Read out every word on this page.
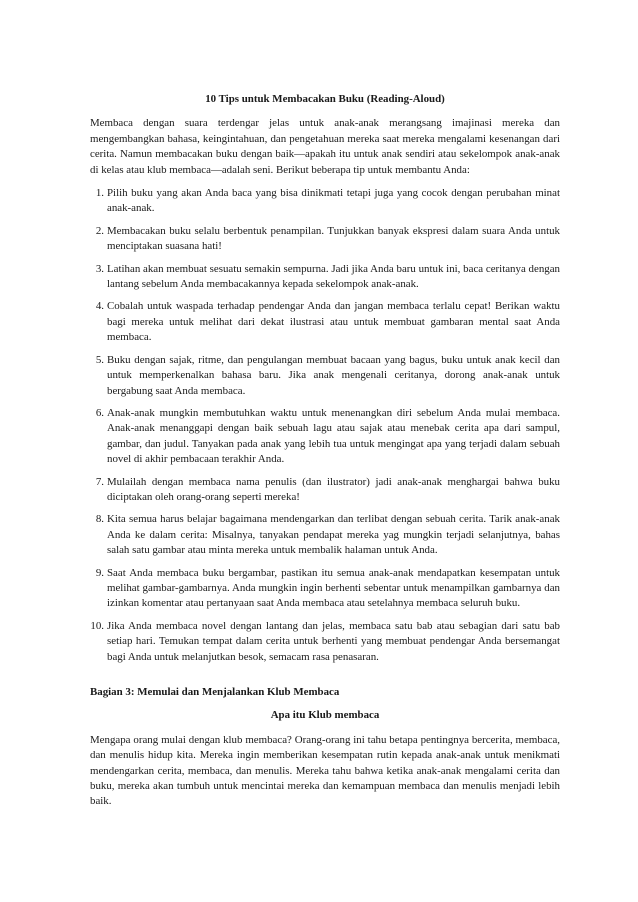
10 Tips untuk Membacakan Buku (Reading-Aloud)

Membaca dengan suara terdengar jelas untuk anak-anak merangsang imajinasi mereka dan mengembangkan bahasa, keingintahuan, dan pengetahuan mereka saat mereka mengalami kesenangan dari cerita. Namun membacakan buku dengan baik—apakah itu untuk anak sendiri atau sekelompok anak-anak di kelas atau klub membaca—adalah seni. Berikut beberapa tip untuk membantu Anda:

1. Pilih buku yang akan Anda baca yang bisa dinikmati tetapi juga yang cocok dengan perubahan minat anak-anak.
2. Membacakan buku selalu berbentuk penampilan. Tunjukkan banyak ekspresi dalam suara Anda untuk menciptakan suasana hati!
3. Latihan akan membuat sesuatu semakin sempurna. Jadi jika Anda baru untuk ini, baca ceritanya dengan lantang sebelum Anda membacakannya kepada sekelompok anak-anak.
4. Cobalah untuk waspada terhadap pendengar Anda dan jangan membaca terlalu cepat! Berikan waktu bagi mereka untuk melihat dari dekat ilustrasi atau untuk membuat gambaran mental saat Anda membaca.
5. Buku dengan sajak, ritme, dan pengulangan membuat bacaan yang bagus, buku untuk anak kecil dan untuk memperkenalkan bahasa baru. Jika anak mengenali ceritanya, dorong anak-anak untuk bergabung saat Anda membaca.
6. Anak-anak mungkin membutuhkan waktu untuk menenangkan diri sebelum Anda mulai membaca. Anak-anak menanggapi dengan baik sebuah lagu atau sajak atau menebak cerita apa dari sampul, gambar, dan judul. Tanyakan pada anak yang lebih tua untuk mengingat apa yang terjadi dalam sebuah novel di akhir pembacaan terakhir Anda.
7. Mulailah dengan membaca nama penulis (dan ilustrator) jadi anak-anak menghargai bahwa buku diciptakan oleh orang-orang seperti mereka!
8. Kita semua harus belajar bagaimana mendengarkan dan terlibat dengan sebuah cerita. Tarik anak-anak Anda ke dalam cerita: Misalnya, tanyakan pendapat mereka yag mungkin terjadi selanjutnya, bahas salah satu gambar atau minta mereka untuk membalik halaman untuk Anda.
9. Saat Anda membaca buku bergambar, pastikan itu semua anak-anak mendapatkan kesempatan untuk melihat gambar-gambarnya. Anda mungkin ingin berhenti sebentar untuk menampilkan gambarnya dan izinkan komentar atau pertanyaan saat Anda membaca atau setelahnya membaca seluruh buku.
10. Jika Anda membaca novel dengan lantang dan jelas, membaca satu bab atau sebagian dari satu bab setiap hari. Temukan tempat dalam cerita untuk berhenti yang membuat pendengar Anda bersemangat bagi Anda untuk melanjutkan besok, semacam rasa penasaran.
Bagian 3: Memulai dan Menjalankan Klub Membaca
Apa itu Klub membaca

Mengapa orang mulai dengan klub membaca? Orang-orang ini tahu betapa pentingnya bercerita, membaca, dan menulis hidup kita. Mereka ingin memberikan kesempatan rutin kepada anak-anak untuk menikmati mendengarkan cerita, membaca, dan menulis. Mereka tahu bahwa ketika anak-anak mengalami cerita dan buku, mereka akan tumbuh untuk mencintai mereka dan kemampuan membaca dan menulis menjadi lebih baik.
